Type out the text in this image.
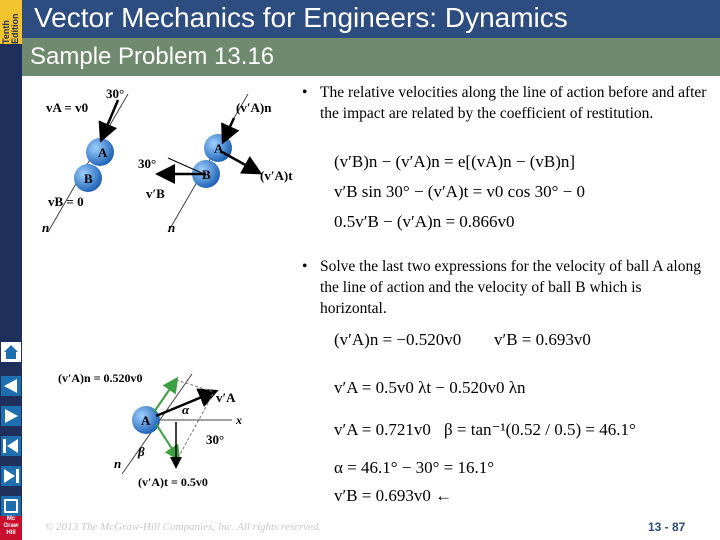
Tenth Edition Vector Mechanics for Engineers: Dynamics
Sample Problem 13.16
vA = v0
30°
A
B
vB = 0
n
(v′A)n
30°
(v′A)t
v′B
A
B
n
• The relative velocities along the line of action before and after the impact are related by the coefficient of restitution.
(v′B)n − (v′A)n = e[(vA)n − (vB)n]
v′B sin 30° − (v′A)t = v0 cos 30° − 0
0.5v′B − (v′A)n = 0.866v0
• Solve the last two expressions for the velocity of ball A along the line of action and the velocity of ball B which is horizontal.
(v′A)n = −0.520v0 v′B = 0.693v0
v′A = 0.5v0 λt − 0.520v0 λn
v′A = 0.721v0 β = tan⁻¹(0.52 / 0.5) = 46.1°
α = 46.1° − 30° = 16.1°
v′B = 0.693v0 ←
(v′A)n = 0.520v0
v′A
α
x
30°
β
(v′A)t = 0.5v0
A
n
© 2013 The McGraw-Hill Companies, Inc. All rights reserved.	13 - 87
Mc Graw Hill
